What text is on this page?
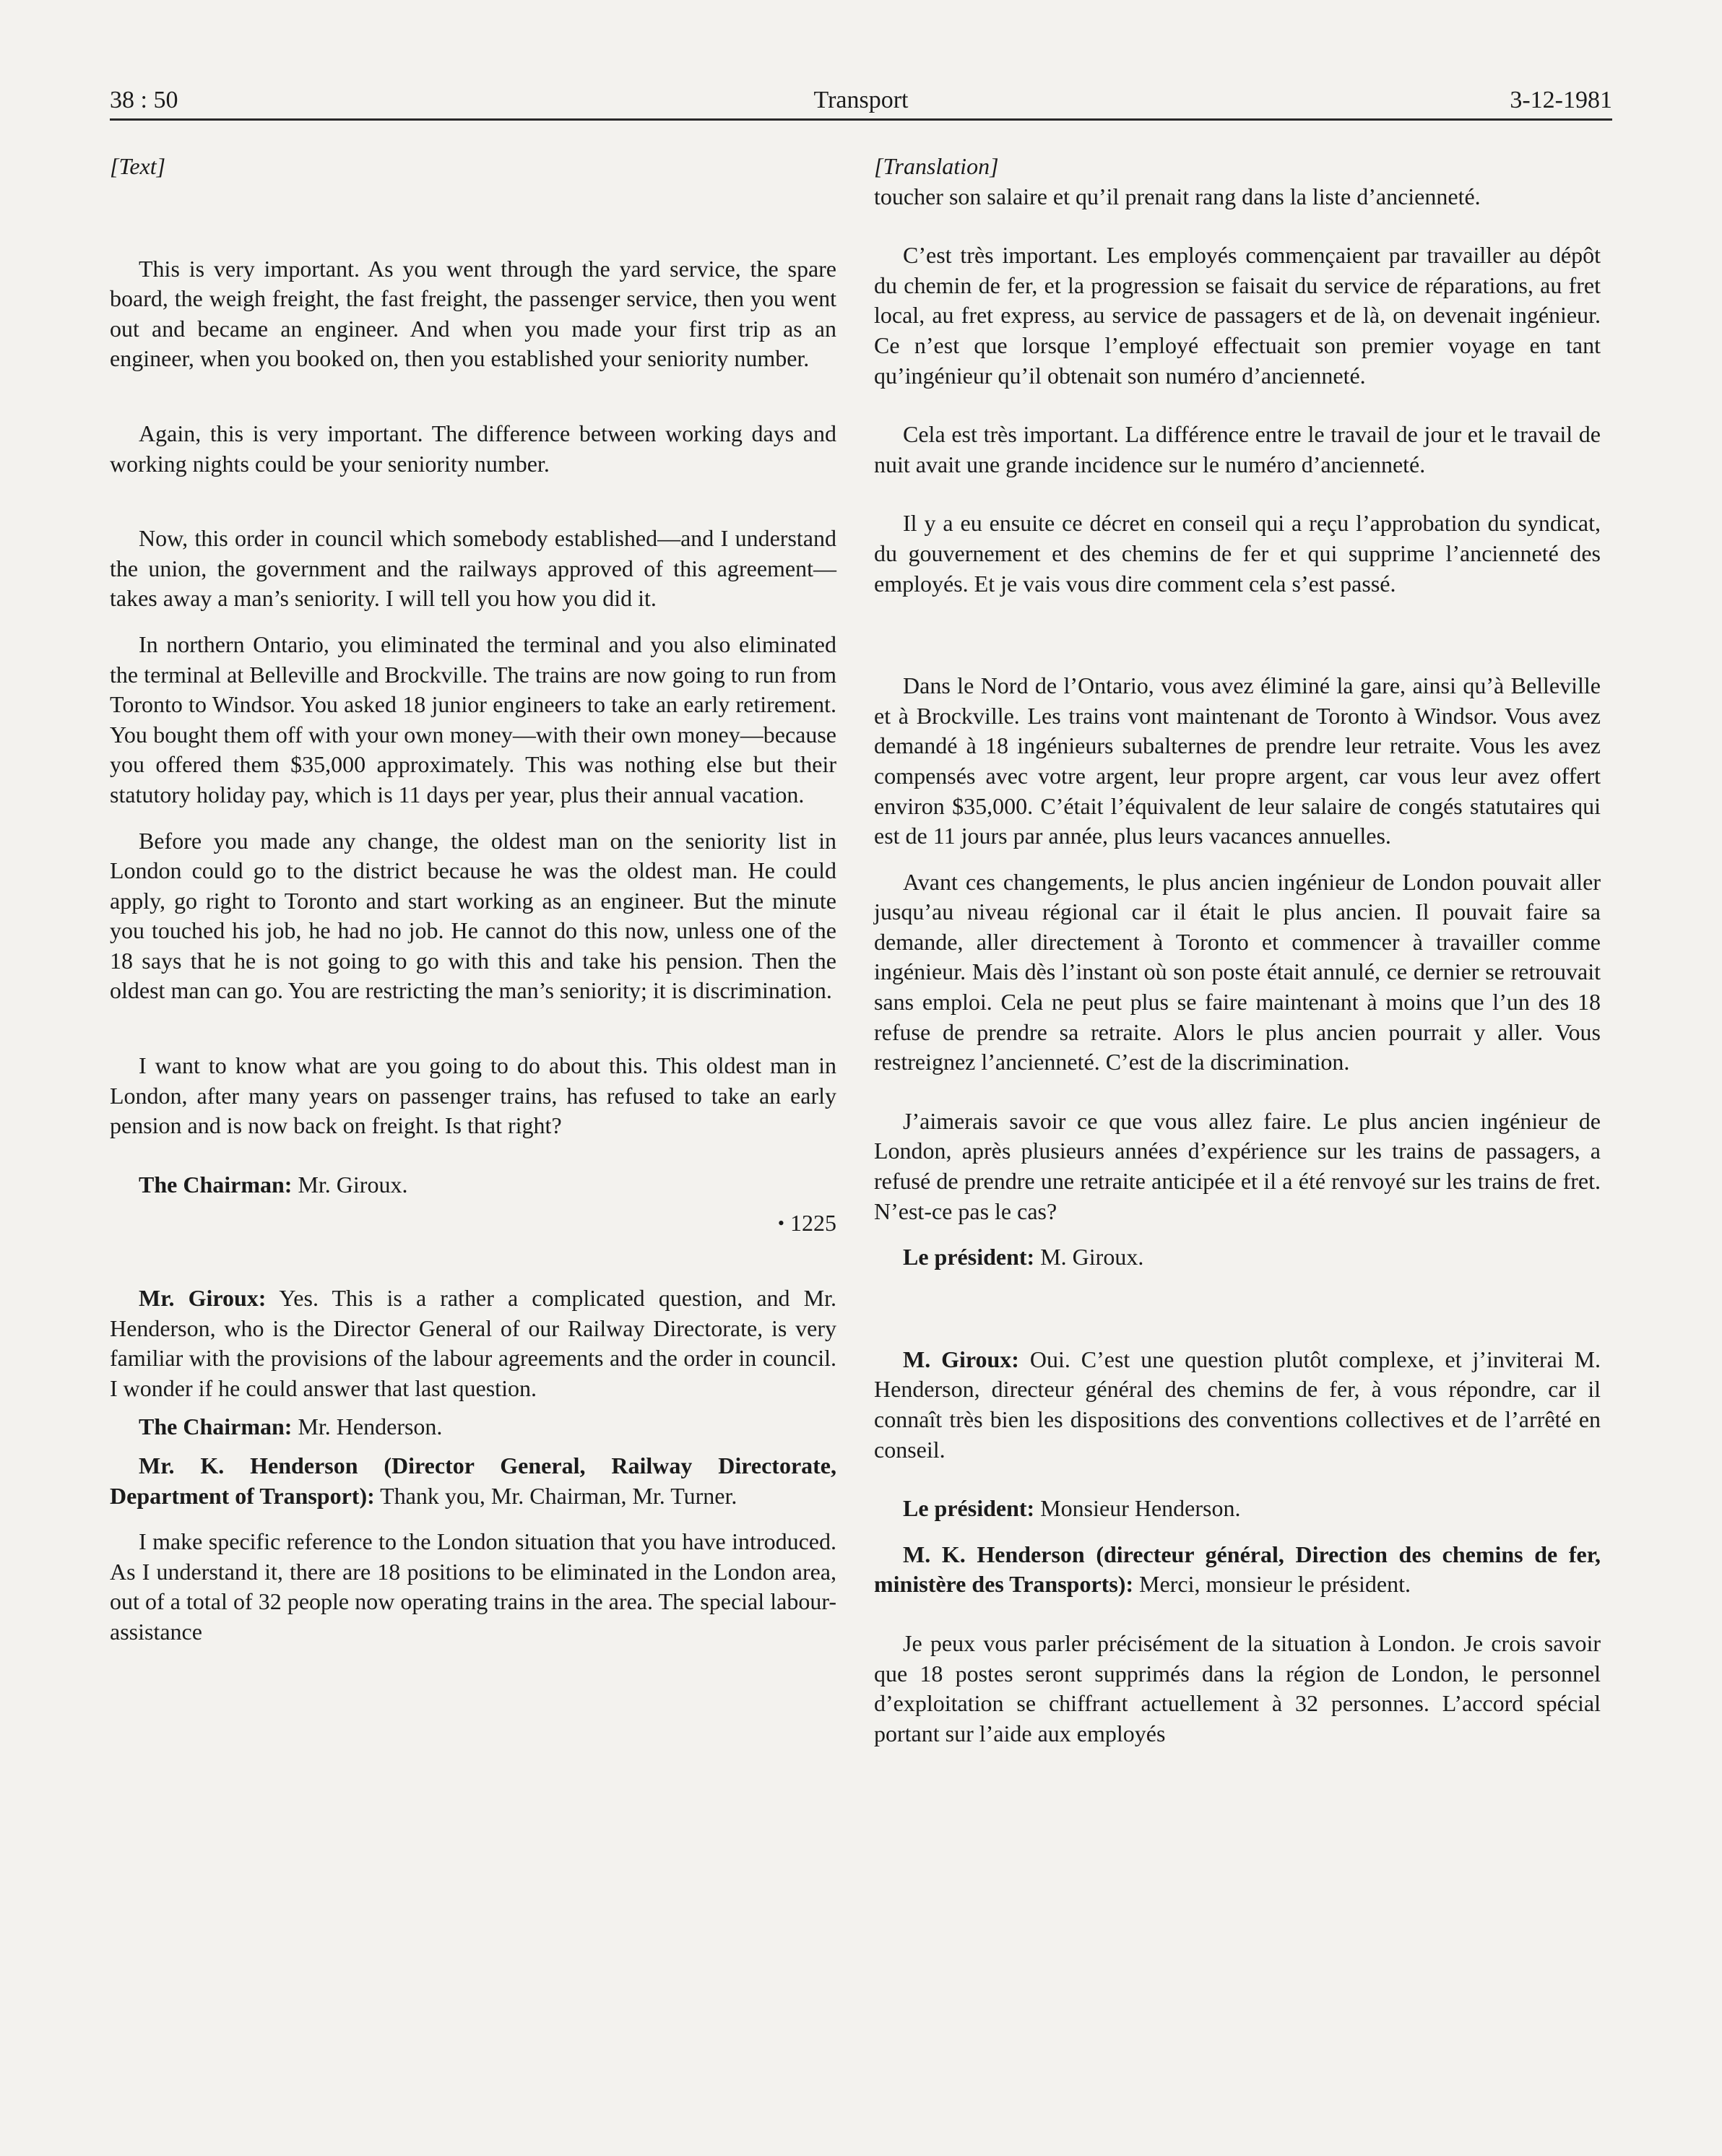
38 : 50	Transport	3-12-1981

[Text]

This is very important. As you went through the yard service, the spare board, the weigh freight, the fast freight, the passenger service, then you went out and became an engineer. And when you made your first trip as an engineer, when you booked on, then you established your seniority number.

Again, this is very important. The difference between working days and working nights could be your seniority number.

Now, this order in council which somebody established—and I understand the union, the government and the railways approved of this agreement—takes away a man’s seniority. I will tell you how you did it.

In northern Ontario, you eliminated the terminal and you also eliminated the terminal at Belleville and Brockville. The trains are now going to run from Toronto to Windsor. You asked 18 junior engineers to take an early retirement. You bought them off with your own money—with their own money—because you offered them $35,000 approximately. This was nothing else but their statutory holiday pay, which is 11 days per year, plus their annual vacation.

Before you made any change, the oldest man on the seniority list in London could go to the district because he was the oldest man. He could apply, go right to Toronto and start working as an engineer. But the minute you touched his job, he had no job. He cannot do this now, unless one of the 18 says that he is not going to go with this and take his pension. Then the oldest man can go. You are restricting the man’s seniority; it is discrimination.

I want to know what are you going to do about this. This oldest man in London, after many years on passenger trains, has refused to take an early pension and is now back on freight. Is that right?

The Chairman: Mr. Giroux.

• 1225

Mr. Giroux: Yes. This is a rather a complicated question, and Mr. Henderson, who is the Director General of our Railway Directorate, is very familiar with the provisions of the labour agreements and the order in council. I wonder if he could answer that last question.

The Chairman: Mr. Henderson.

Mr. K. Henderson (Director General, Railway Directorate, Department of Transport): Thank you, Mr. Chairman, Mr. Turner.

I make specific reference to the London situation that you have introduced. As I understand it, there are 18 positions to be eliminated in the London area, out of a total of 32 people now operating trains in the area. The special labour-assistance

[Translation]

toucher son salaire et qu’il prenait rang dans la liste d’ancienneté.

C’est très important. Les employés commençaient par travailler au dépôt du chemin de fer, et la progression se faisait du service de réparations, au fret local, au fret express, au service de passagers et de là, on devenait ingénieur. Ce n’est que lorsque l’employé effectuait son premier voyage en tant qu’ingénieur qu’il obtenait son numéro d’ancienneté.

Cela est très important. La différence entre le travail de jour et le travail de nuit avait une grande incidence sur le numéro d’ancienneté.

Il y a eu ensuite ce décret en conseil qui a reçu l’approbation du syndicat, du gouvernement et des chemins de fer et qui supprime l’ancienneté des employés. Et je vais vous dire comment cela s’est passé.

Dans le Nord de l’Ontario, vous avez éliminé la gare, ainsi qu’à Belleville et à Brockville. Les trains vont maintenant de Toronto à Windsor. Vous avez demandé à 18 ingénieurs subalternes de prendre leur retraite. Vous les avez compensés avec votre argent, leur propre argent, car vous leur avez offert environ $35,000. C’était l’équivalent de leur salaire de congés statutaires qui est de 11 jours par année, plus leurs vacances annuelles.

Avant ces changements, le plus ancien ingénieur de London pouvait aller jusqu’au niveau régional car il était le plus ancien. Il pouvait faire sa demande, aller directement à Toronto et commencer à travailler comme ingénieur. Mais dès l’instant où son poste était annulé, ce dernier se retrouvait sans emploi. Cela ne peut plus se faire maintenant à moins que l’un des 18 refuse de prendre sa retraite. Alors le plus ancien pourrait y aller. Vous restreignez l’ancienneté. C’est de la discrimination.

J’aimerais savoir ce que vous allez faire. Le plus ancien ingénieur de London, après plusieurs années d’expérience sur les trains de passagers, a refusé de prendre une retraite anticipée et il a été renvoyé sur les trains de fret. N’est-ce pas le cas?

Le président: M. Giroux.

M. Giroux: Oui. C’est une question plutôt complexe, et j’inviterai M. Henderson, directeur général des chemins de fer, à vous répondre, car il connaît très bien les dispositions des conventions collectives et de l’arrêté en conseil.

Le président: Monsieur Henderson.

M. K. Henderson (directeur général, Direction des chemins de fer, ministère des Transports): Merci, monsieur le président.

Je peux vous parler précisément de la situation à London. Je crois savoir que 18 postes seront supprimés dans la région de London, le personnel d’exploitation se chiffrant actuellement à 32 personnes. L’accord spécial portant sur l’aide aux employés
